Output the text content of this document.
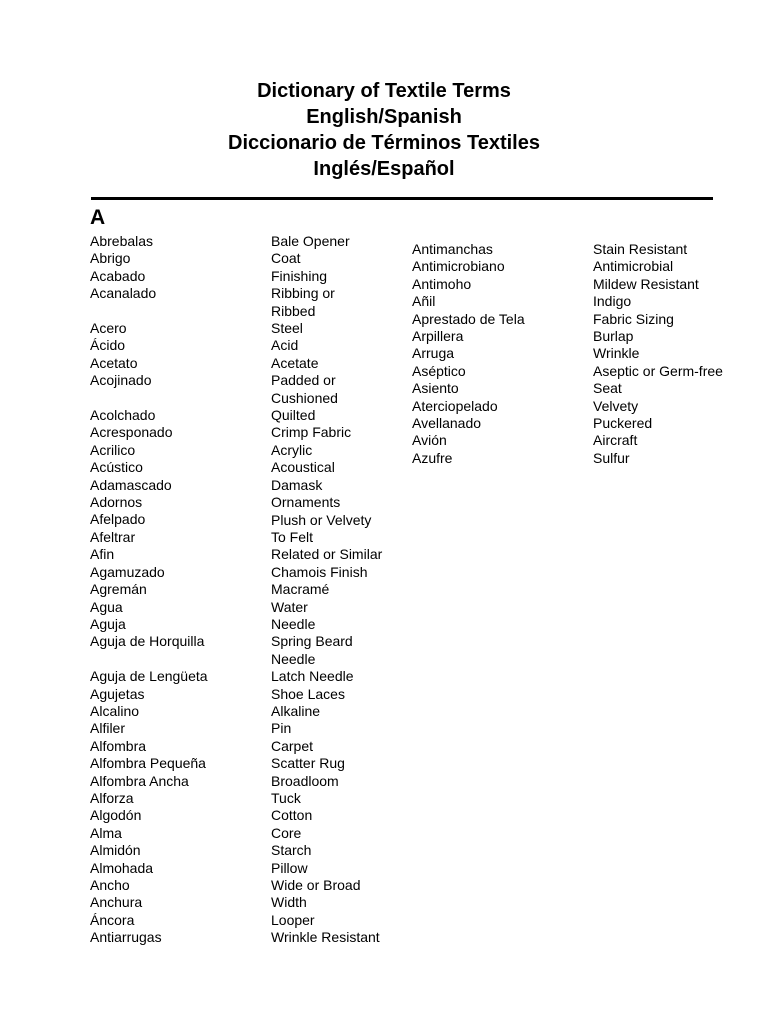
Dictionary of Textile Terms

English/Spanish

Diccionario de Términos Textiles

Inglés/Español

A
Abrebalas
Abrigo
Acabado
Acanalado
Acero
Ácido
Acetato
Acojinado
Acolchado
Acresponado
Acrilico
Acústico
Adamascado
Adornos
Afelpado
Afeltrar
Afin
Agamuzado
Agremán
Agua
Aguja
Aguja de Horquilla
Aguja de Lengüeta
Agujetas
Alcalino
Alfiler
Alfombra
Alfombra Pequeña
Alfombra Ancha
Alforza
Algodón
Alma
Almidón
Almohada
Ancho
Anchura
Áncora
Antiarrugas
Bale Opener
Coat
Finishing
Ribbing or
Ribbed
Steel
Acid
Acetate
Padded or
Cushioned
Quilted
Crimp Fabric
Acrylic
Acoustical
Damask
Ornaments
Plush or Velvety
To Felt
Related or Similar
Chamois Finish
Macramé
Water
Needle
Spring Beard
Needle
Latch Needle
Shoe Laces
Alkaline
Pin
Carpet
Scatter Rug
Broadloom
Tuck
Cotton
Core
Starch
Pillow
Wide or Broad
Width
Looper
Wrinkle Resistant
Antimanchas
Antimicrobiano
Antimoho
Añil
Aprestado de Tela
Arpillera
Arruga
Aséptico
Asiento
Aterciopelado
Avellanado
Avión
Azufre
Stain Resistant
Antimicrobial
Mildew Resistant
Indigo
Fabric Sizing
Burlap
Wrinkle
Aseptic or Germ-free
Seat
Velvety
Puckered
Aircraft
Sulfur
